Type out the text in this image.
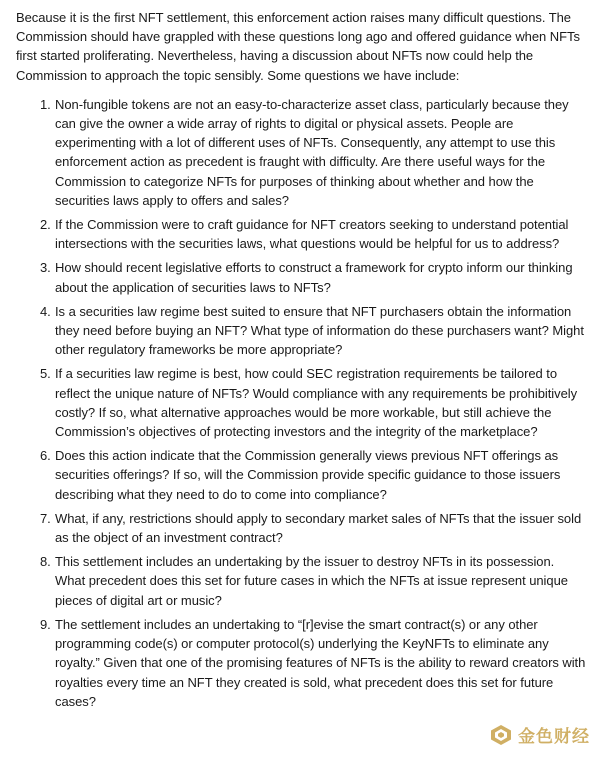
Because it is the first NFT settlement, this enforcement action raises many difficult questions. The Commission should have grappled with these questions long ago and offered guidance when NFTs first started proliferating. Nevertheless, having a discussion about NFTs now could help the Commission to approach the topic sensibly. Some questions we have include:

1. Non-fungible tokens are not an easy-to-characterize asset class, particularly because they can give the owner a wide array of rights to digital or physical assets. People are experimenting with a lot of different uses of NFTs. Consequently, any attempt to use this enforcement action as precedent is fraught with difficulty. Are there useful ways for the Commission to categorize NFTs for purposes of thinking about whether and how the securities laws apply to offers and sales?
2. If the Commission were to craft guidance for NFT creators seeking to understand potential intersections with the securities laws, what questions would be helpful for us to address?
3. How should recent legislative efforts to construct a framework for crypto inform our thinking about the application of securities laws to NFTs?
4. Is a securities law regime best suited to ensure that NFT purchasers obtain the information they need before buying an NFT? What type of information do these purchasers want? Might other regulatory frameworks be more appropriate?
5. If a securities law regime is best, how could SEC registration requirements be tailored to reflect the unique nature of NFTs? Would compliance with any requirements be prohibitively costly? If so, what alternative approaches would be more workable, but still achieve the Commission’s objectives of protecting investors and the integrity of the marketplace?
6. Does this action indicate that the Commission generally views previous NFT offerings as securities offerings? If so, will the Commission provide specific guidance to those issuers describing what they need to do to come into compliance?
7. What, if any, restrictions should apply to secondary market sales of NFTs that the issuer sold as the object of an investment contract?
8. This settlement includes an undertaking by the issuer to destroy NFTs in its possession. What precedent does this set for future cases in which the NFTs at issue represent unique pieces of digital art or music?
9. The settlement includes an undertaking to “[r]evise the smart contract(s) or any other programming code(s) or computer protocol(s) underlying the KeyNFTs to eliminate any royalty.” Given that one of the promising features of NFTs is the ability to reward creators with royalties every time an NFT they created is sold, what precedent does this set for future cases?
金色财经
